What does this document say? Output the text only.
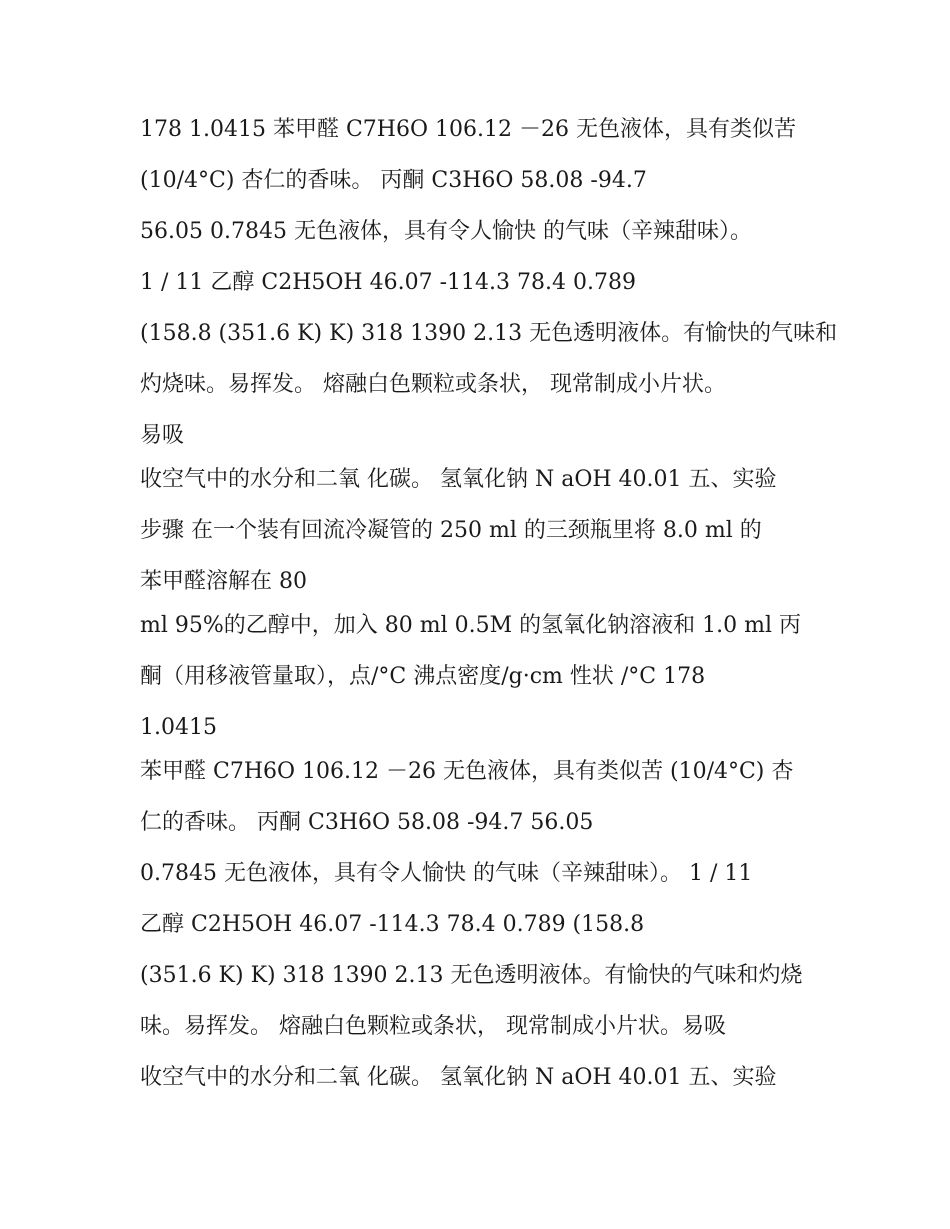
178 1.0415 苯甲醛 C7H6O 106.12 －26 无色液体，具有类似苦
(10/4°C) 杏仁的香味。 丙酮 C3H6O 58.08 -94.7
56.05 0.7845 无色液体，具有令人愉快 的气味（辛辣甜味）。
1 / 11 乙醇 C2H5OH 46.07 -114.3 78.4 0.789
(158.8 (351.6 K) K) 318 1390 2.13 无色透明液体。有愉快的气味和
灼烧味。易挥发。 熔融白色颗粒或条状， 现常制成小片状。
易吸
收空气中的水分和二氧 化碳。 氢氧化钠 N aOH 40.01 五、实验
步骤 在一个装有回流冷凝管的 250 ml 的三颈瓶里将 8.0 ml 的
苯甲醛溶解在 80
ml 95%的乙醇中，加入 80 ml 0.5M 的氢氧化钠溶液和 1.0 ml 丙
酮（用移液管量取），点/°C 沸点密度/g·cm 性状 /°C 178
1.0415
苯甲醛 C7H6O 106.12 －26 无色液体，具有类似苦 (10/4°C) 杏
仁的香味。 丙酮 C3H6O 58.08 -94.7 56.05
0.7845 无色液体，具有令人愉快 的气味（辛辣甜味）。 1 / 11
乙醇 C2H5OH 46.07 -114.3 78.4 0.789 (158.8
(351.6 K) K) 318 1390 2.13 无色透明液体。有愉快的气味和灼烧
味。易挥发。 熔融白色颗粒或条状， 现常制成小片状。易吸
收空气中的水分和二氧 化碳。 氢氧化钠 N aOH 40.01 五、实验
